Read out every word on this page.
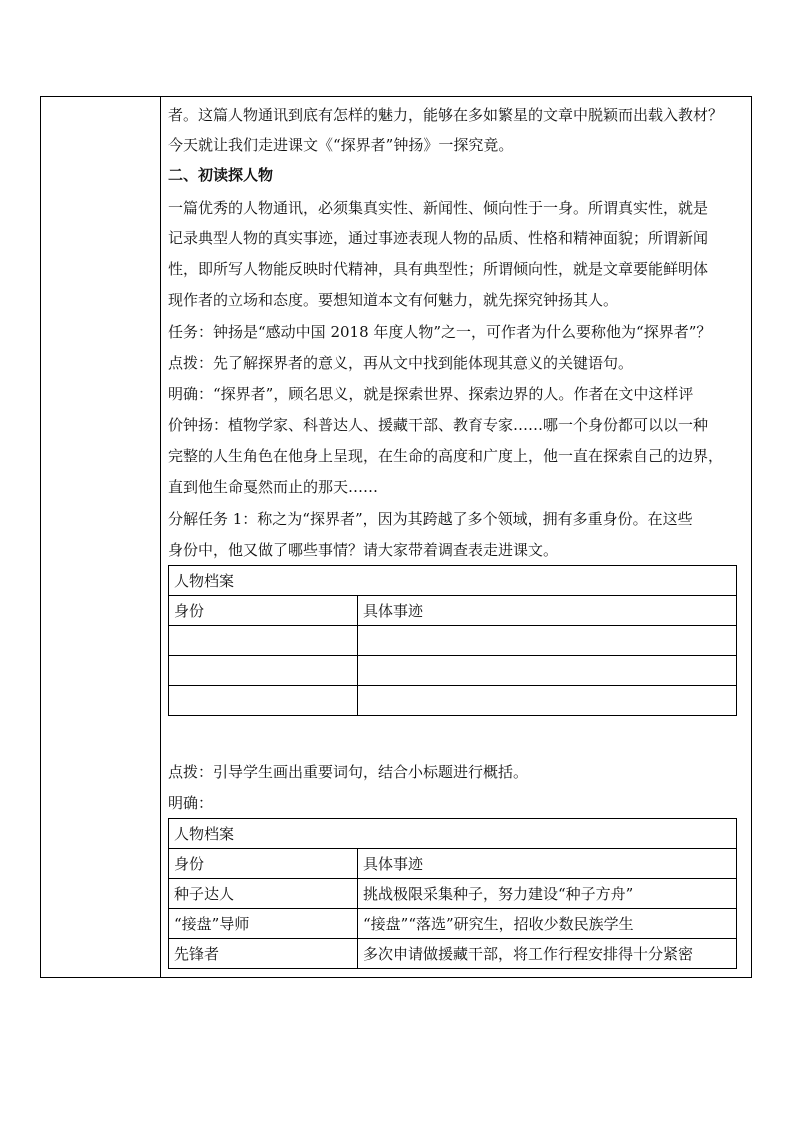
者。这篇人物通讯到底有怎样的魅力，能够在多如繁星的文章中脱颖而出载入教材？
今天就让我们走进课文《“探界者”钟扬》一探究竟。
二、初读探人物
一篇优秀的人物通讯，必须集真实性、新闻性、倾向性于一身。所谓真实性，就是
记录典型人物的真实事迹，通过事迹表现人物的品质、性格和精神面貌；所谓新闻
性，即所写人物能反映时代精神，具有典型性；所谓倾向性，就是文章要能鲜明体
现作者的立场和态度。要想知道本文有何魅力，就先探究钟扬其人。
任务：钟扬是“感动中国 2018 年度人物”之一，可作者为什么要称他为“探界者”？
点拨：先了解探界者的意义，再从文中找到能体现其意义的关键语句。
明确：“探界者”，顾名思义，就是探索世界、探索边界的人。作者在文中这样评
价钟扬：植物学家、科普达人、援藏干部、教育专家……哪一个身份都可以以一种
完整的人生角色在他身上呈现，在生命的高度和广度上，他一直在探索自己的边界，
直到他生命戛然而止的那天……
分解任务 1：称之为“探界者”，因为其跨越了多个领域，拥有多重身份。在这些
身份中，他又做了哪些事情？请大家带着调查表走进课文。
人物档案	
身份	具体事迹

点拨：引导学生画出重要词句，结合小标题进行概括。
明确：
人物档案	
身份	具体事迹
种子达人	挑战极限采集种子，努力建设“种子方舟”
“接盘”导师	“接盘”“落选”研究生，招收少数民族学生
先锋者	多次申请做援藏干部，将工作行程安排得十分紧密
